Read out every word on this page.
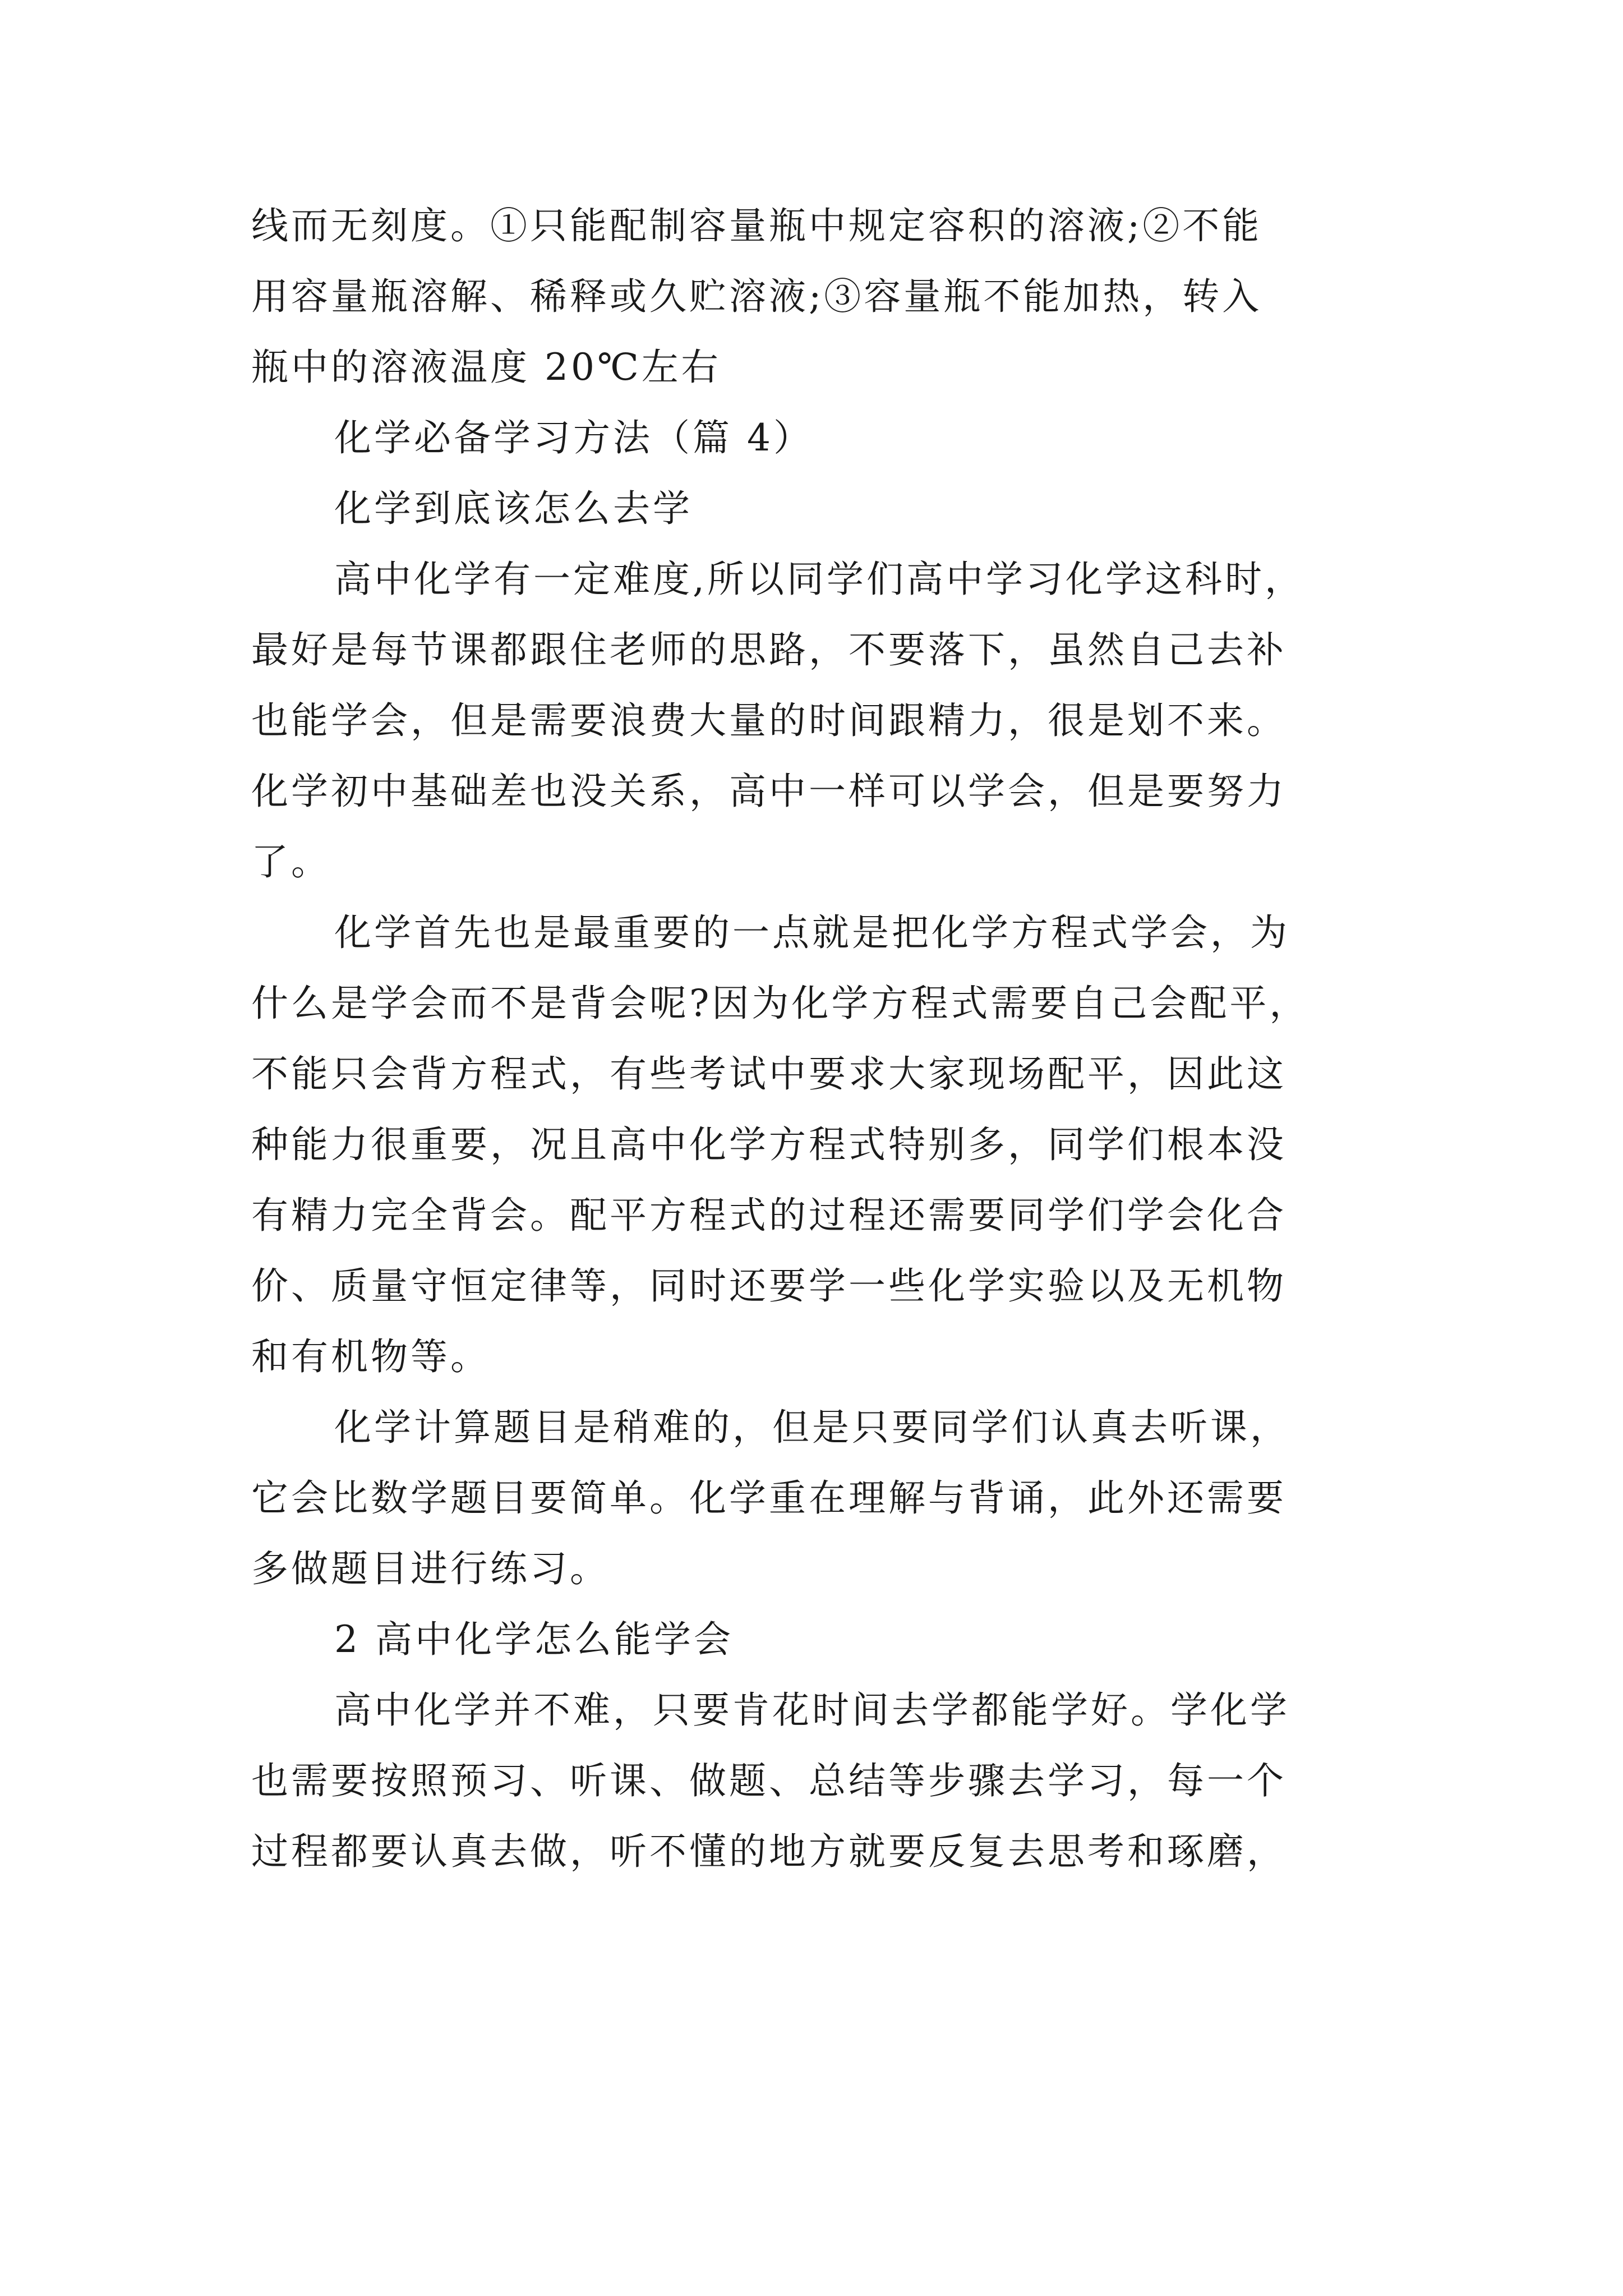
线而无刻度。①只能配制容量瓶中规定容积的溶液;②不能
用容量瓶溶解、稀释或久贮溶液;③容量瓶不能加热，转入
瓶中的溶液温度 20℃左右

化学必备学习方法（篇 4）
化学到底该怎么去学

高中化学有一定难度,所以同学们高中学习化学这科时，
最好是每节课都跟住老师的思路，不要落下，虽然自己去补
也能学会，但是需要浪费大量的时间跟精力，很是划不来。
化学初中基础差也没关系，高中一样可以学会，但是要努力
了。

化学首先也是最重要的一点就是把化学方程式学会，为
什么是学会而不是背会呢?因为化学方程式需要自己会配平，
不能只会背方程式，有些考试中要求大家现场配平，因此这
种能力很重要，况且高中化学方程式特别多，同学们根本没
有精力完全背会。配平方程式的过程还需要同学们学会化合
价、质量守恒定律等，同时还要学一些化学实验以及无机物
和有机物等。

化学计算题目是稍难的，但是只要同学们认真去听课，
它会比数学题目要简单。化学重在理解与背诵，此外还需要
多做题目进行练习。

2 高中化学怎么能学会

高中化学并不难，只要肯花时间去学都能学好。学化学
也需要按照预习、听课、做题、总结等步骤去学习，每一个
过程都要认真去做，听不懂的地方就要反复去思考和琢磨，
